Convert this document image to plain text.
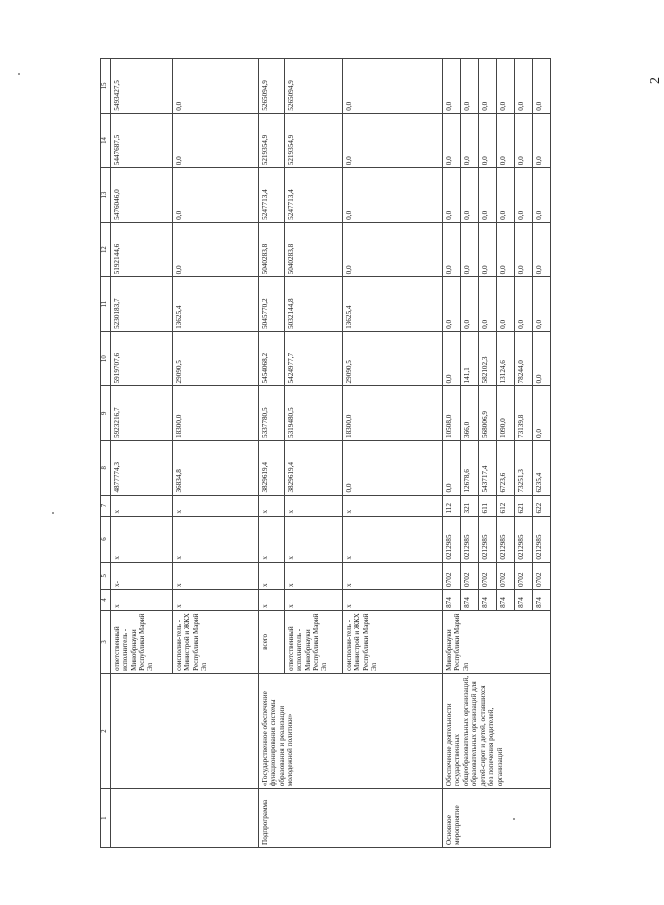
2
1	2	3	4	5	6	7	8	9	10	11	12	13	14	15
		ответственный исполнитель - Минобрнауки Республики Марий Эл	x	x-	x	x	4877774,3	5923216,7	5919707,6	5230183,7	5192144,6	5476046,0	5447687,5	5493427,5
		соисполни-тель - Министрой и ЖКХ Республики Марий Эл	x	x	x	x	36834,8	18300,0	29090,5	13625,4	0,0	0,0	0,0	0,0
Подпрограмма	«Государственное обеспечение функционирования системы образования и реализации молодежной политики»	всего	x	x	x	x	3829619,4	5337780,5	5454068,2	5045770,2	5040283,8	5247713,4	5219354,9	5265094,9
		ответственный исполнитель - Минобрнауки Республики Марий Эл	x	x	x	x	3829619,4	5319480,5	5424977,7	5032144,8	5040283,8	5247713,4	5219354,9	5265094,9
		соисполни-тель - Министрой и ЖКХ Республики Марий Эл	x	x	x	x	0,0	18300,0	29090,5	13625,4	0,0	0,0	0,0	0,0
Основное мероприятие	Обеспечение деятельности государственных общеобразовательных организаций, образовательных организаций для детей-сирот и детей, оставшихся без попечения родителей, организаций	Минобрнауки Республики Марий Эл	874	0702	0212985	112	0,0	10508,0	0,0	0,0	0,0	0,0	0,0	0,0
			874	0702	0212985	321	12678,6	366,0	141,1	0,0	0,0	0,0	0,0	0,0
			874	0702	0212985	611	543717,4	568006,9	582102,3	0,0	0,0	0,0	0,0	0,0
			874	0702	0212985	612	6723,6	1090,0	13124,6	0,0	0,0	0,0	0,0	0,0
			874	0702	0212985	621	73251,3	73139,8	78244,0	0,0	0,0	0,0	0,0	0,0
			874	0702	0212985	622	6235,4	0,0	0,0	0,0	0,0	0,0	0,0	0,0
